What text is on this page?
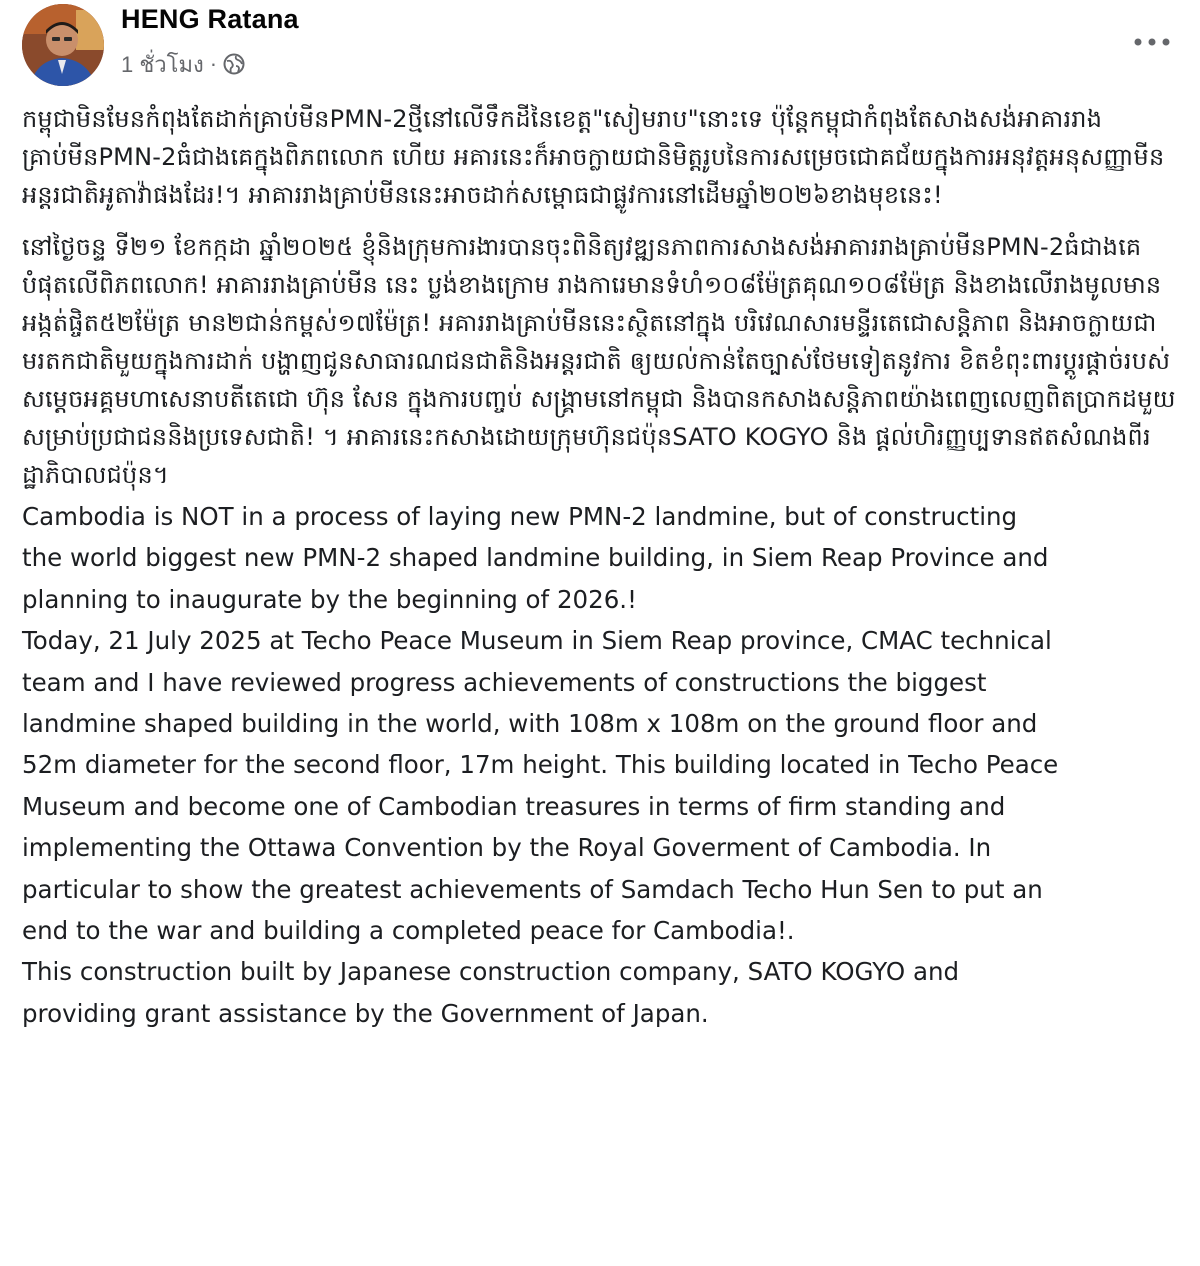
HENG Ratana
1 ชั่วโมง ·

កម្ពុជាមិនមែនកំពុងតែដាក់គ្រាប់មីនPMN-2ថ្មីនៅលើទឹកដីនៃខេត្ត"សៀមរាប"នោះទេ ប៉ុន្តែកម្ពុជាកំពុងតែសាងសង់អាគាររាងគ្រាប់មីនPMN-2ធំជាងគេក្នុងពិភពលោក ហើយ អគារនេះក៏អាចក្លាយជានិមិត្តរូបនៃការសម្រេចជោគជ័យក្នុងការអនុវត្តអនុសញ្ញាមីនអន្តរជាតិអូតាវ៉ាផងដែរ!។ អាគាររាងគ្រាប់មីននេះអាចដាក់សម្ពោធជាផ្លូវការនៅដើមឆ្នាំ២០២៦ខាងមុខនេះ!

នៅថ្ងៃចន្ទ ទី២១ ខែកក្កដា ឆ្នាំ២០២៥ ខ្ញុំនិងក្រុមការងារបានចុះពិនិត្យវឌ្ឍនភាពការសាងសង់អាគាររាងគ្រាប់មីនPMN-2ធំជាងគេបំផុតលើពិភពលោក! អាគាររាងគ្រាប់មីន នេះ ប្លង់ខាងក្រោម រាងការេមានទំហំ១០៨ម៉ែត្រគុណ១០៨ម៉ែត្រ និងខាងលើរាងមូលមាន អង្កត់ផ្ចិត៥២ម៉ែត្រ មាន២ជាន់កម្ពស់១៧ម៉ែត្រ! អគាររាងគ្រាប់មីននេះស្ថិតនៅក្នុង បរិវេណសារមន្ទីរតេជោសន្តិភាព និងអាចក្លាយជាមរតកជាតិមួយក្នុងការដាក់ បង្ហាញជូនសាធារណជនជាតិនិងអន្តរជាតិ ឲ្យយល់កាន់តែច្បាស់ថែមទៀតនូវការ ខិតខំពុះពារប្តូរផ្តាច់របស់ សម្តេចអគ្គមហាសេនាបតីតេជោ ហ៊ុន សែន ក្នុងការបញ្ចប់ សង្គ្រាមនៅកម្ពុជា និងបានកសាងសន្តិភាពយ៉ាងពេញលេញពិតប្រាកដមួយសម្រាប់ប្រជាជននិងប្រទេសជាតិ! ។ អាគារនេះកសាងដោយក្រុមហ៊ុនជប៉ុនSATO KOGYO និង ផ្តល់ហិរញ្ញប្បទានឥតសំណងពីរដ្ឋាភិបាលជប៉ុន។

Cambodia is NOT in a process of laying new PMN-2 landmine, but of constructing

the world biggest new PMN-2 shaped landmine building, in Siem Reap Province and

planning to inaugurate by the beginning of 2026.!

Today, 21 July 2025 at Techo Peace Museum in Siem Reap province, CMAC technical

team and I have reviewed progress achievements of constructions the biggest

landmine shaped building in the world, with 108m x 108m on the ground floor and

52m diameter for the second floor, 17m height. This building located in Techo Peace

Museum and become one of Cambodian treasures in terms of firm standing and

implementing the Ottawa Convention by the Royal Goverment of Cambodia. In

particular to show the greatest achievements of Samdach Techo Hun Sen to put an

end to the war and building a completed peace for Cambodia!.

This construction built by Japanese construction company, SATO KOGYO and

providing grant assistance by the Government of Japan.
